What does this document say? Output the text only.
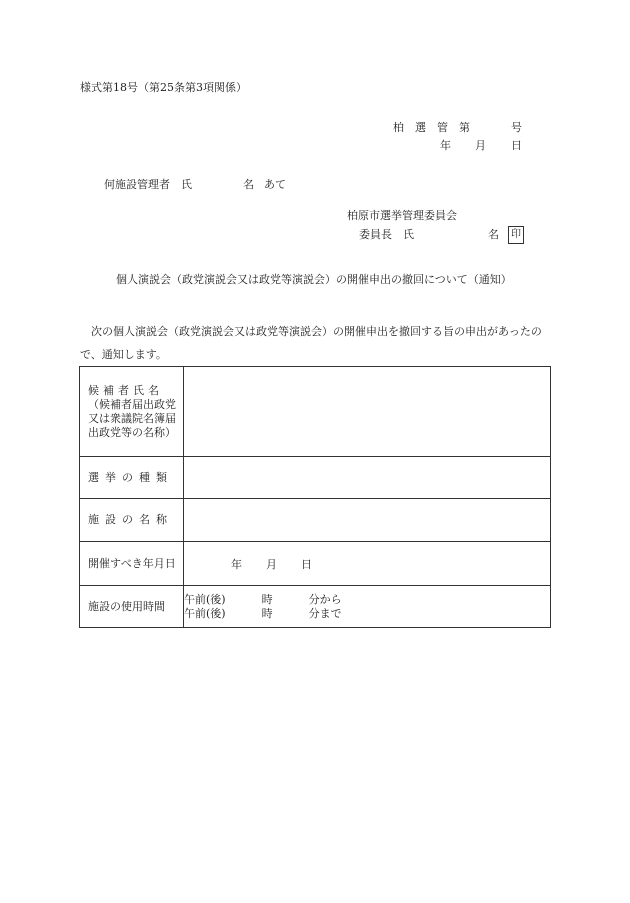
様式第18号（第25条第3項関係）
柏　選　管　第	号
年 月 日
何施設管理者　氏	名 あて
柏原市選挙管理委員会
委員長　氏	名	印
個人演説会（政党演説会又は政党等演説会）の開催申出の撤回について（通知）
次の個人演説会（政党演説会又は政党等演説会）の開催申出を撤回する旨の申出があったので、通知します。
候補者氏名
（候補者届出政党又は衆議院名簿届出政党等の名称）	

選挙の種類	
施設の名称	
開催すべき年月日	年 月 日
施設の使用時間	午前(後) 時 分から
午前(後) 時 分まで
